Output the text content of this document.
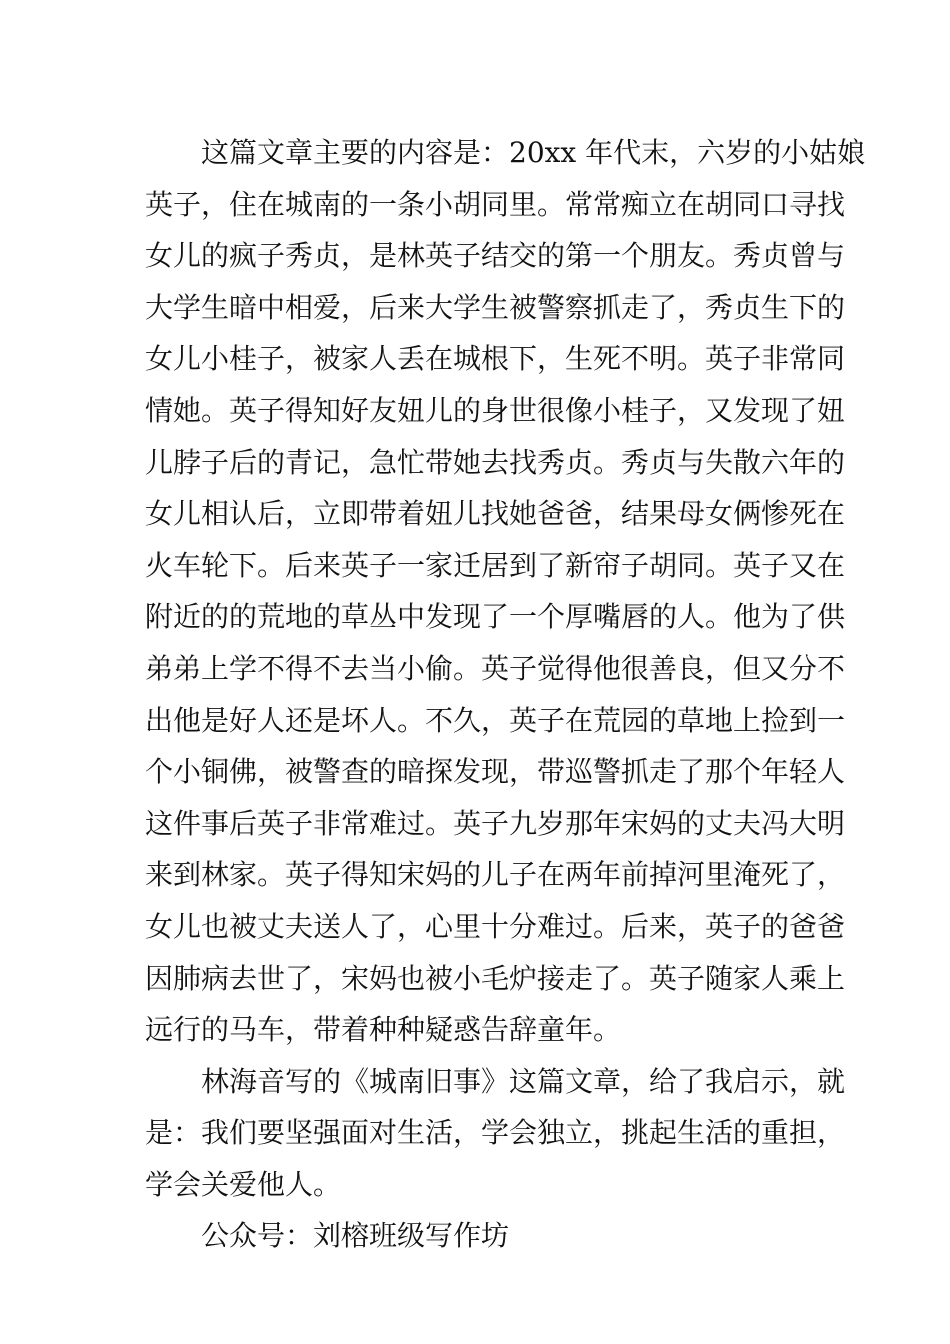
这篇文章主要的内容是：20xx 年代末，六岁的小姑娘
英子，住在城南的一条小胡同里。常常痴立在胡同口寻找
女儿的疯子秀贞，是林英子结交的第一个朋友。秀贞曾与
大学生暗中相爱，后来大学生被警察抓走了，秀贞生下的
女儿小桂子，被家人丢在城根下，生死不明。英子非常同
情她。英子得知好友妞儿的身世很像小桂子，又发现了妞
儿脖子后的青记，急忙带她去找秀贞。秀贞与失散六年的
女儿相认后，立即带着妞儿找她爸爸，结果母女俩惨死在
火车轮下。后来英子一家迁居到了新帘子胡同。英子又在
附近的的荒地的草丛中发现了一个厚嘴唇的人。他为了供
弟弟上学不得不去当小偷。英子觉得他很善良，但又分不
出他是好人还是坏人。不久，英子在荒园的草地上捡到一
个小铜佛，被警查的暗探发现，带巡警抓走了那个年轻人
这件事后英子非常难过。英子九岁那年宋妈的丈夫冯大明
来到林家。英子得知宋妈的儿子在两年前掉河里淹死了，
女儿也被丈夫送人了，心里十分难过。后来，英子的爸爸
因肺病去世了，宋妈也被小毛炉接走了。英子随家人乘上
远行的马车，带着种种疑惑告辞童年。
林海音写的《城南旧事》这篇文章，给了我启示，就
是：我们要坚强面对生活，学会独立，挑起生活的重担，
学会关爱他人。
公众号：刘榕班级写作坊
